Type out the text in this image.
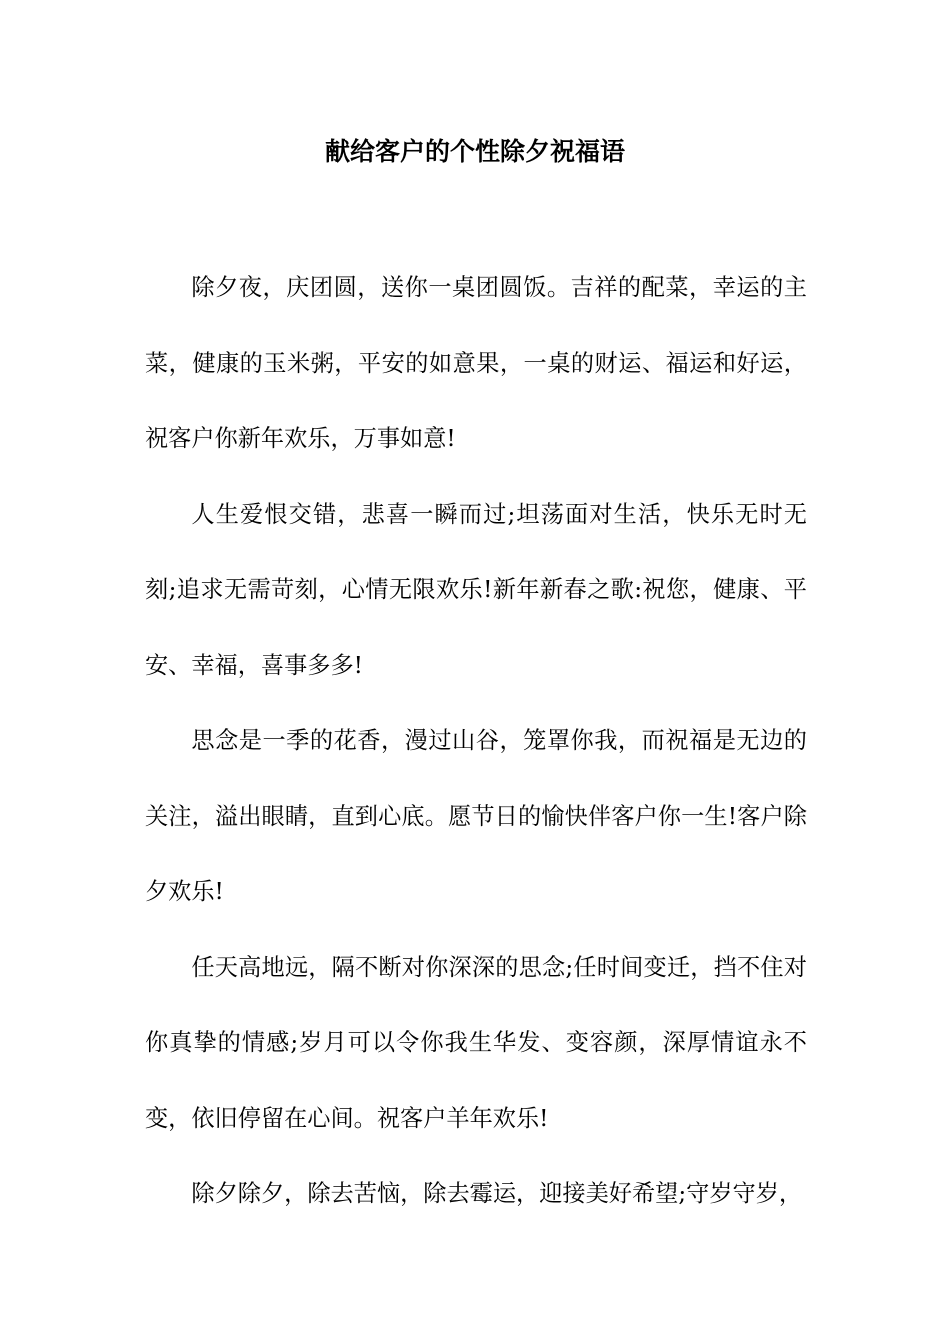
献给客户的个性除夕祝福语

除夕夜，庆团圆，送你一桌团圆饭。吉祥的配菜，幸运的主菜，健康的玉米粥，平安的如意果，一桌的财运、福运和好运，祝客户你新年欢乐，万事如意!

人生爱恨交错，悲喜一瞬而过;坦荡面对生活，快乐无时无刻;追求无需苛刻，心情无限欢乐!新年新春之歌:祝您，健康、平安、幸福，喜事多多!

思念是一季的花香，漫过山谷，笼罩你我，而祝福是无边的关注，溢出眼睛，直到心底。愿节日的愉快伴客户你一生!客户除夕欢乐!

任天高地远，隔不断对你深深的思念;任时间变迁，挡不住对你真挚的情感;岁月可以令你我生华发、变容颜，深厚情谊永不变，依旧停留在心间。祝客户羊年欢乐!

除夕除夕，除去苦恼，除去霉运，迎接美好希望;守岁守岁，
